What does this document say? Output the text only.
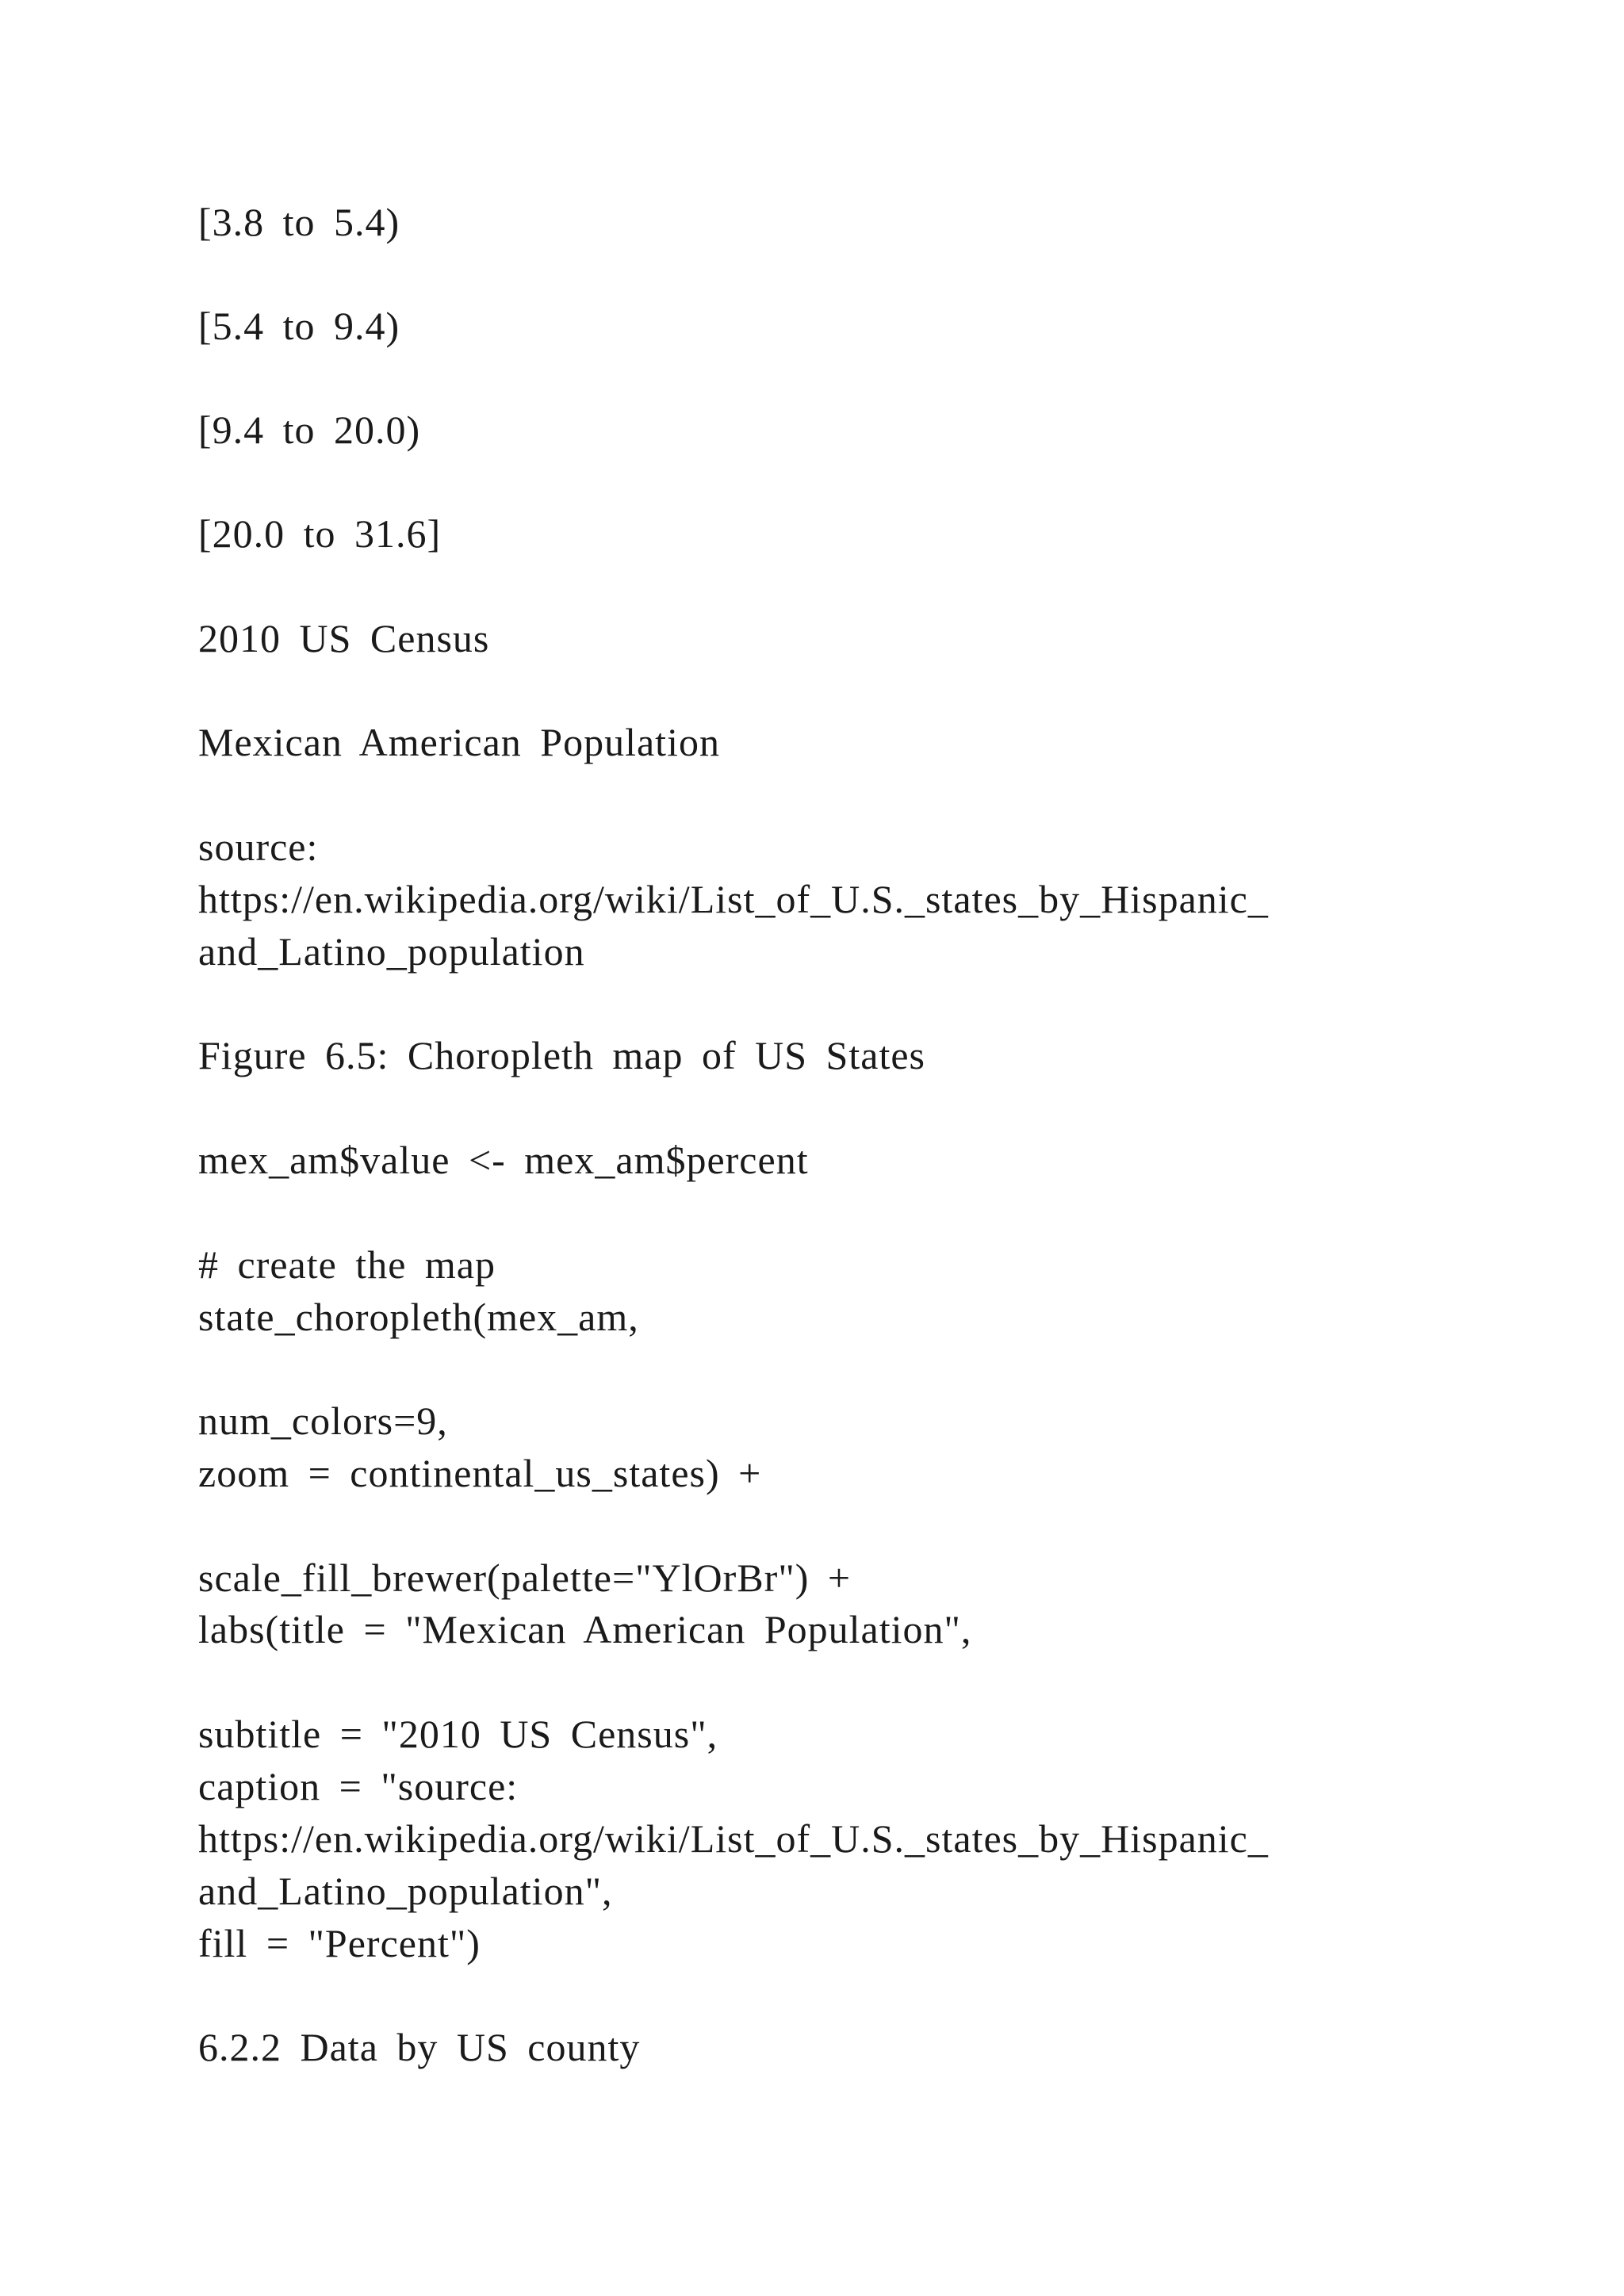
[3.8 to 5.4)

[5.4 to 9.4)

[9.4 to 20.0)

[20.0 to 31.6]

2010 US Census

Mexican American Population

source:

https://en.wikipedia.org/wiki/List_of_U.S._states_by_Hispanic_

and_Latino_population

Figure 6.5: Choropleth map of US States

mex_am$value <- mex_am$percent

# create the map

state_choropleth(mex_am,

num_colors=9,

zoom = continental_us_states) +

scale_fill_brewer(palette="YlOrBr") +

labs(title = "Mexican American Population",

subtitle = "2010 US Census",

caption = "source:

https://en.wikipedia.org/wiki/List_of_U.S._states_by_Hispanic_

and_Latino_population",

fill = "Percent")

6.2.2 Data by US county
